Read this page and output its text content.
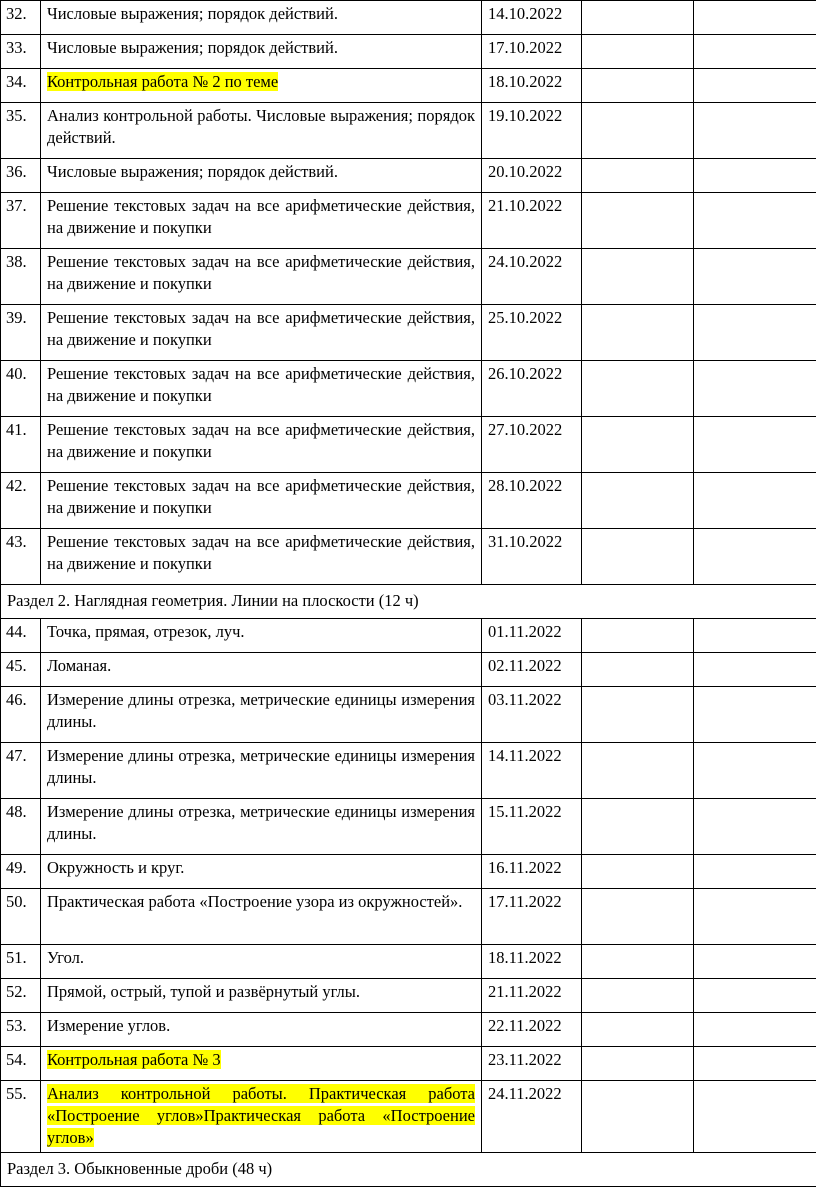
32.	Числовые выражения; порядок действий.	14.10.2022		
33.	Числовые выражения; порядок действий.	17.10.2022		
34.	Контрольная работа № 2 по теме	18.10.2022		
35.	Анализ контрольной работы. Числовые выражения; порядок действий.	19.10.2022		
36.	Числовые выражения; порядок действий.	20.10.2022		
37.	Решение текстовых задач на все арифметические действия, на движение и покупки	21.10.2022		
38.	Решение текстовых задач на все арифметические действия, на движение и покупки	24.10.2022		
39.	Решение текстовых задач на все арифметические действия, на движение и покупки	25.10.2022		
40.	Решение текстовых задач на все арифметические действия, на движение и покупки	26.10.2022		
41.	Решение текстовых задач на все арифметические действия, на движение и покупки	27.10.2022		
42.	Решение текстовых задач на все арифметические действия, на движение и покупки	28.10.2022		
43.	Решение текстовых задач на все арифметические действия, на движение и покупки	31.10.2022		
Раздел 2. Наглядная геометрия. Линии на плоскости (12 ч)				
44.	Точка, прямая, отрезок, луч.	01.11.2022		
45.	Ломаная.	02.11.2022		
46.	Измерение длины отрезка, метрические единицы измерения длины.	03.11.2022		
47.	Измерение длины отрезка, метрические единицы измерения длины.	14.11.2022		
48.	Измерение длины отрезка, метрические единицы измерения длины.	15.11.2022		
49.	Окружность и круг.	16.11.2022		
50.	Практическая работа «Построение узора из окружностей».	17.11.2022		
51.	Угол.	18.11.2022		
52.	Прямой, острый, тупой и развёрнутый углы.	21.11.2022		
53.	Измерение углов.	22.11.2022		
54.	Контрольная работа № 3	23.11.2022		
55.	Анализ контрольной работы. Практическая работа «Построение углов»Практическая работа «Построение углов»	24.11.2022		
Раздел 3. Обыкновенные дроби (48 ч)				
